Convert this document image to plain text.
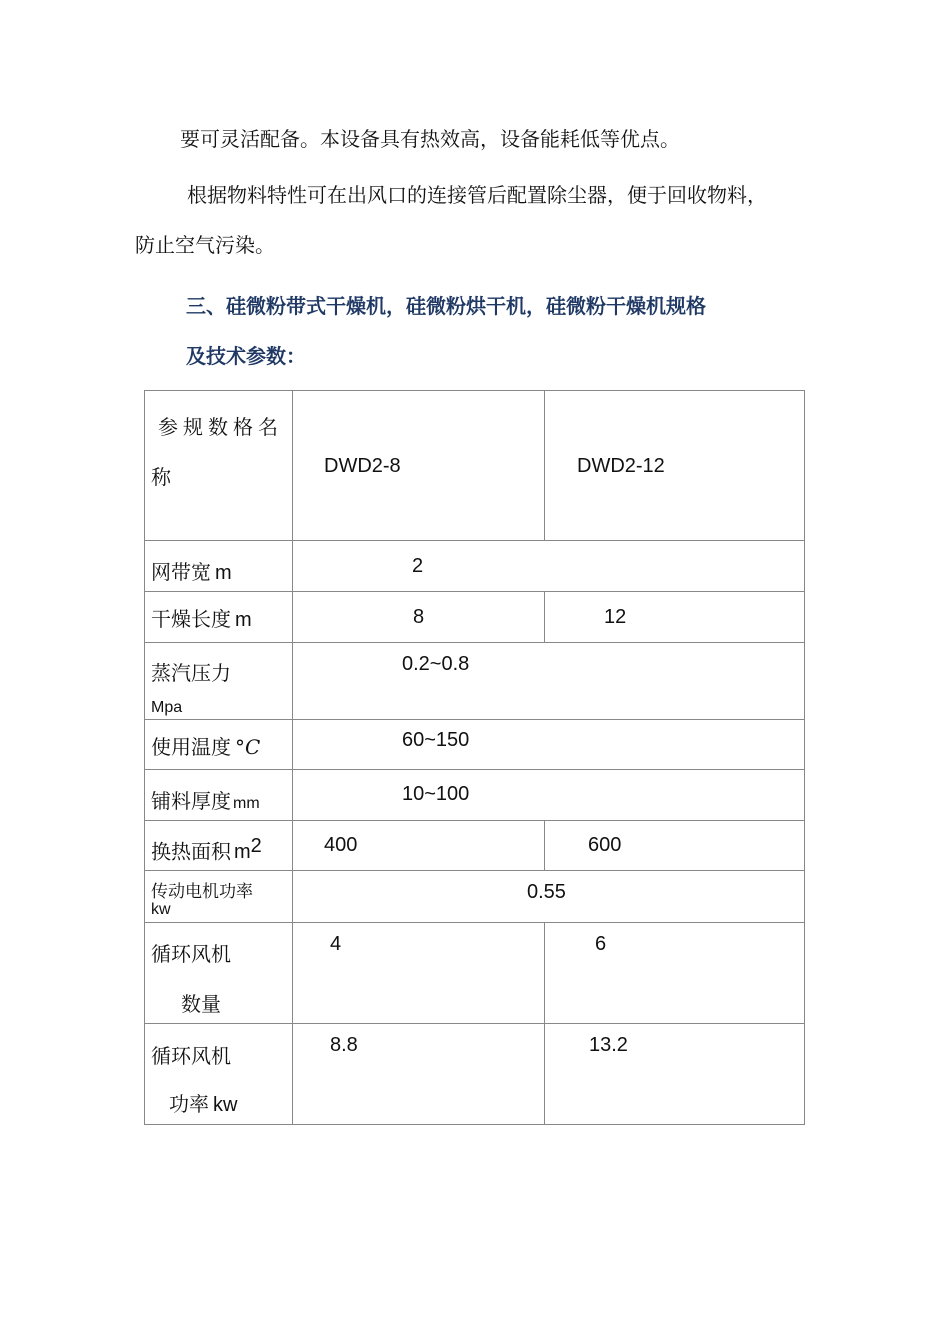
要可灵活配备。本设备具有热效高，设备能耗低等优点。
根据物料特性可在出风口的连接管后配置除尘器，便于回收物料，
防止空气污染。
三、硅微粉带式干燥机，硅微粉烘干机，硅微粉干燥机规格
及技术参数：
参规数格名
称	DWD2-8	DWD2-12

网带宽 m	2	

干燥长度 m	8	12

蒸汽压力
Mpa	0.2~0.8	

使用温度 °C	60~150	

铺料厚度 mm	10~100	

换热面积 $m^2$	400	600

传动电机功率
kw	0.55	

循环风机
数量	4	6

循环风机
功率 kw	8.8	13.2
